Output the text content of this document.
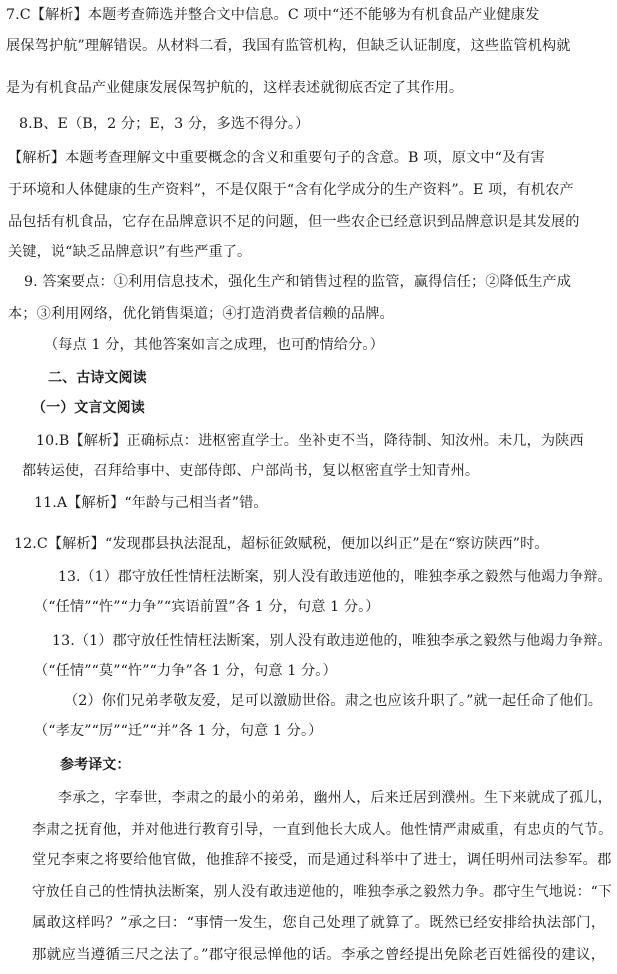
7.C【解析】本题考查筛选并整合文中信息。C 项中“还不能够为有机食品产业健康发
展保驾护航”理解错误。从材料二看，我国有监管机构，但缺乏认证制度，这些监管机构就
是为有机食品产业健康发展保驾护航的，这样表述就彻底否定了其作用。
8.B、E（B，2 分；E，3 分，多选不得分。）
【解析】本题考查理解文中重要概念的含义和重要句子的含意。B 项，原文中“及有害
于环境和人体健康的生产资料”，不是仅限于“含有化学成分的生产资料”。E 项，有机农产
品包括有机食品，它存在品牌意识不足的问题，但一些农企已经意识到品牌意识是其发展的
关键，说“缺乏品牌意识”有些严重了。
9. 答案要点：①利用信息技术，强化生产和销售过程的监管，赢得信任；②降低生产成
本；③利用网络，优化销售渠道；④打造消费者信赖的品牌。
（每点 1 分，其他答案如言之成理，也可酌情给分。）
二、古诗文阅读
（一）文言文阅读
10.B【解析】正确标点：进枢密直学士。坐补吏不当，降待制、知汝州。未几，为陕西
都转运使，召拜给事中、吏部侍郎、户部尚书，复以枢密直学士知青州。
11.A【解析】“年龄与己相当者”错。
12.C【解析】“发现郡县执法混乱，超标征敛赋税，便加以纠正”是在“察访陕西”时。
13.（1）郡守放任性情枉法断案，别人没有敢违逆他的，唯独李承之毅然与他竭力争辩。
（“任情”“忤”“力争”“宾语前置”各 1 分，句意 1 分。）
13.（1）郡守放任性情枉法断案，别人没有敢违逆他的，唯独李承之毅然与他竭力争辩。
（“任情”“莫”“忤”“力争”各 1 分，句意 1 分。）
（2）你们兄弟孝敬友爱，足可以激励世俗。肃之也应该升职了。”就一起任命了他们。
（“孝友”“厉”“迁”“并”各 1 分，句意 1 分。）
参考译文：
李承之，字奉世，李肃之的最小的弟弟，幽州人，后来迁居到濮州。生下来就成了孤儿，
李肃之抚育他，并对他进行教育引导，一直到他长大成人。他性情严肃威重，有忠贞的气节。
堂兄李柬之将要给他官做，他推辞不接受，而是通过科举中了进士，调任明州司法参军。郡
守放任自己的性情执法断案，别人没有敢违逆他的，唯独李承之毅然力争。郡守生气地说：“下
属敢这样吗？”承之曰：“事情一发生，您自己处理了就算了。既然已经安排给执法部门，
那就应当遵循三尺之法了。”郡守很忌惮他的话。李承之曾经提出免除老百姓徭役的建议，
